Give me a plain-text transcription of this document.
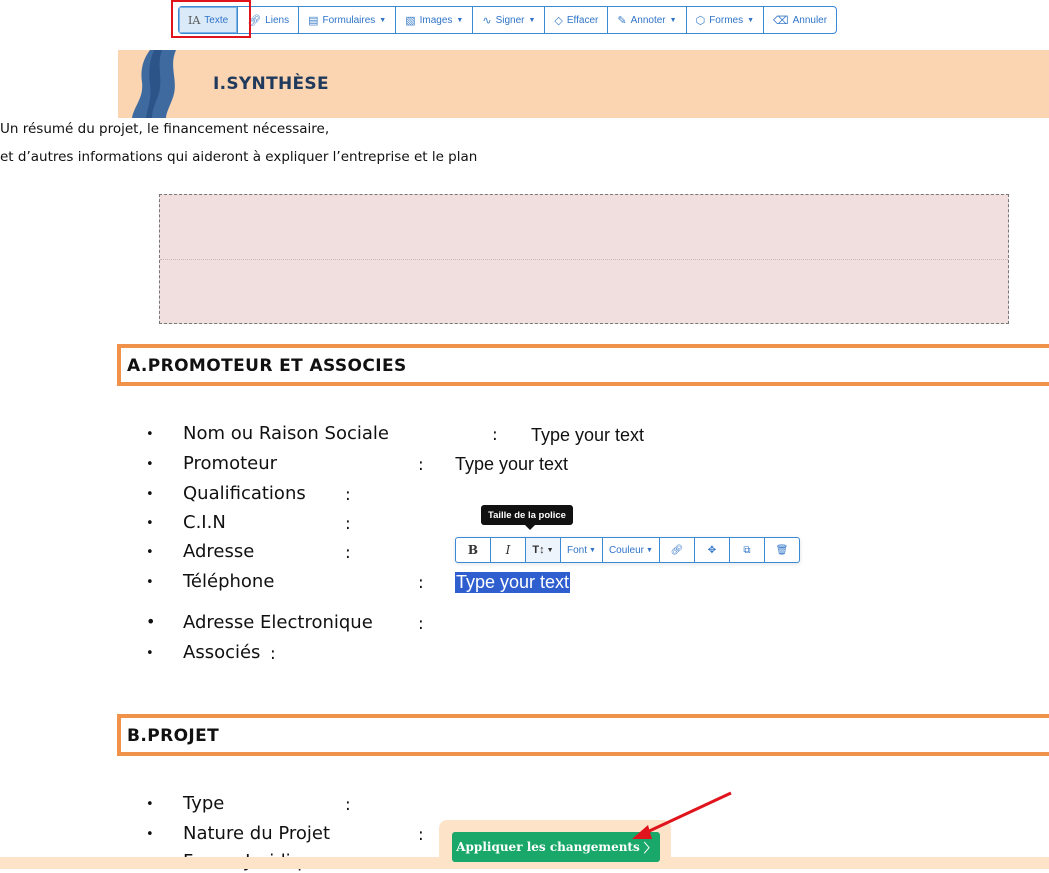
IA Texte 🔗︎ Liens ▤ Formulaires ▼ ▧ Images ▼ ∿ Signer ▼ ◇ Effacer ✎ Annoter ▼ ⬡ Formes ▼ ⌫ Annuler
I.SYNTHÈSE
Un résumé du projet, le financement nécessaire,
et d’autres informations qui aideront à expliquer l’entreprise et le plan
A.PROMOTEUR ET ASSOCIES
• Nom ou Raison Sociale	: Type your text
• Promoteur	: Type your text
• Qualifications :
• C.I.N	:
• Adresse	:
• Téléphone	: Type your text
• Adresse Electronique	:
• Associés :
Taille de la police
B	I	T↕ ▼ Font ▼ Couleur ▼ 🔗︎ ✥	⧉	🗑︎
B.PROJET
• Type	:
• Nature du Projet	:
Appliquer les changements 〉
